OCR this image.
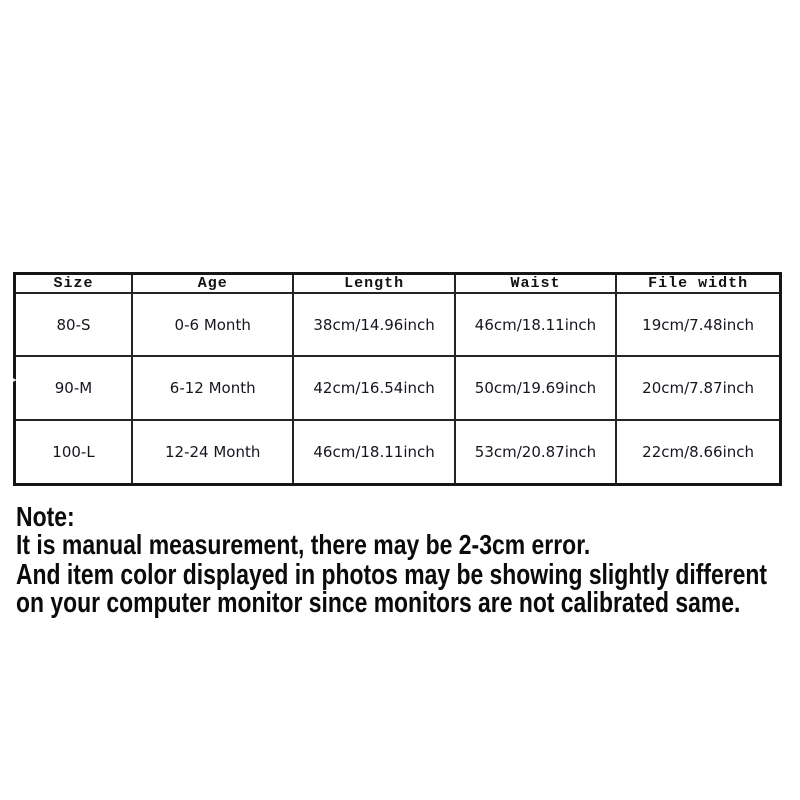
Size	Age	Length	Waist	File width
80-S	0-6 Month	38cm/14.96inch	46cm/18.11inch	19cm/7.48inch
90-M	6-12 Month	42cm/16.54inch	50cm/19.69inch	20cm/7.87inch
100-L	12-24 Month	46cm/18.11inch	53cm/20.87inch	22cm/8.66inch
Note:
It is manual measurement, there may be 2-3cm error.
And item color displayed in photos may be showing slightly different
on your computer monitor since monitors are not calibrated same.
